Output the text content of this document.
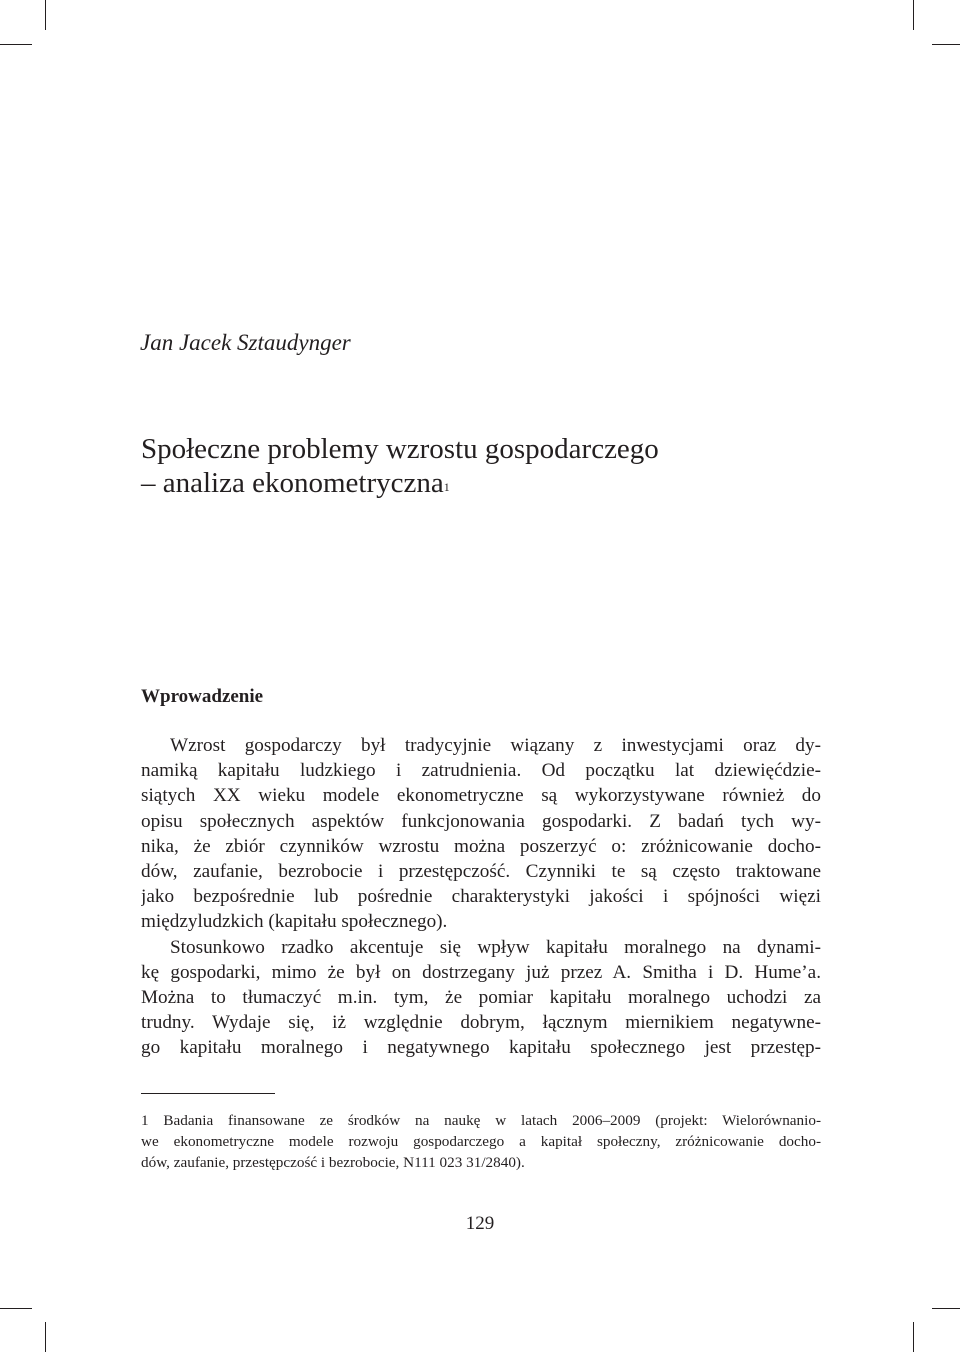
Jan Jacek Sztaudynger
Społeczne problemy wzrostu gospodarczego
– analiza ekonometryczna$^1$
Wprowadzenie
Wzrost gospodarczy był tradycyjnie wiązany z inwestycjami oraz dy-
namiką kapitału ludzkiego i zatrudnienia. Od początku lat dziewięćdzie-
siątych XX wieku modele ekonometryczne są wykorzystywane również do
opisu społecznych aspektów funkcjonowania gospodarki. Z badań tych wy-
nika, że zbiór czynników wzrostu można poszerzyć o: zróżnicowanie docho-
dów, zaufanie, bezrobocie i przestępczość. Czynniki te są często traktowane
jako bezpośrednie lub pośrednie charakterystyki jakości i spójności więzi
międzyludzkich (kapitału społecznego).
Stosunkowo rzadko akcentuje się wpływ kapitału moralnego na dynami-
kę gospodarki, mimo że był on dostrzegany już przez A. Smitha i D. Hume’a.
Można to tłumaczyć m.in. tym, że pomiar kapitału moralnego uchodzi za
trudny. Wydaje się, iż względnie dobrym, łącznym miernikiem negatywne-
go kapitału moralnego i negatywnego kapitału społecznego jest przestęp-
1 Badania finansowane ze środków na naukę w latach 2006–2009 (projekt: Wielorównanio-
we ekonometryczne modele rozwoju gospodarczego a kapitał społeczny, zróżnicowanie docho-
dów, zaufanie, przestępczość i bezrobocie, N111 023 31/2840).
129
